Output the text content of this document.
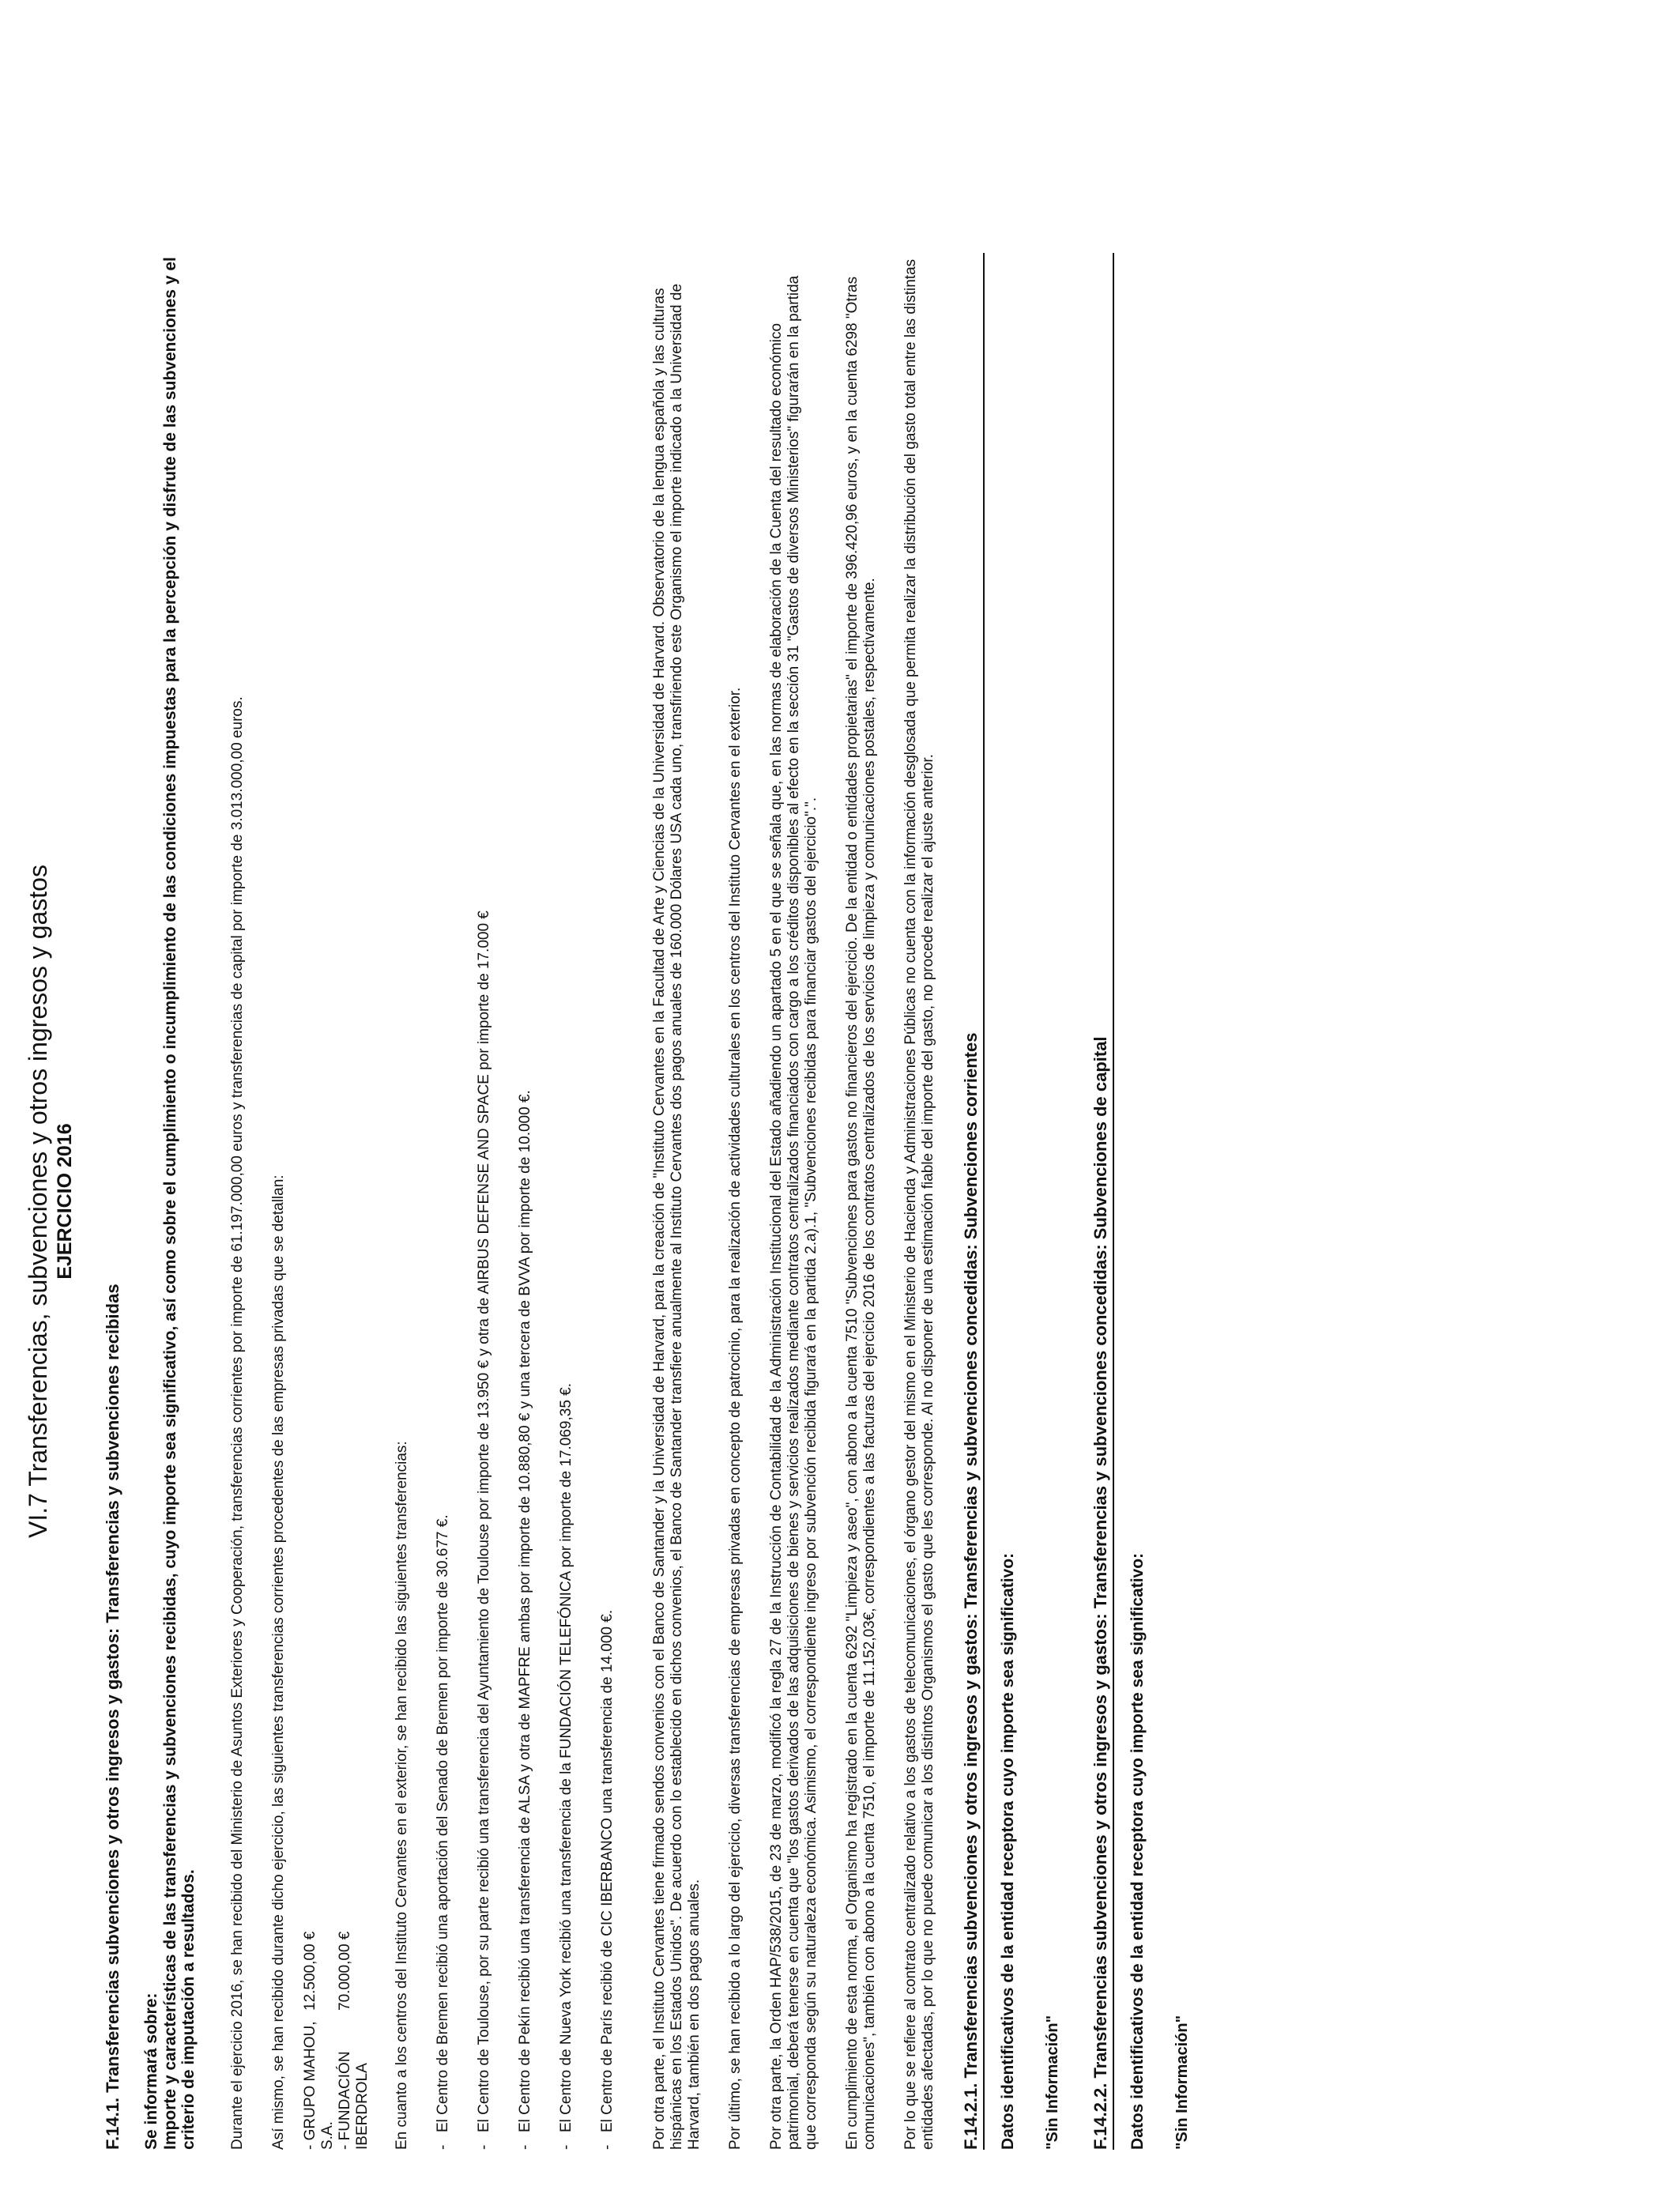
VI.7 Transferencias, subvenciones y otros ingresos y gastos EJERCICIO 2016
F.14.1. Transferencias subvenciones y otros ingresos y gastos: Transferencias y subvenciones recibidas Se informará sobre: Importe y características de las transferencias y subvenciones recibidas, cuyo importe sea significativo, así como sobre el cumplimiento o incumplimiento de las condiciones impuestas para la percepción y disfrute de las subvenciones y el criterio de imputación a resultados. Durante el ejercicio 2016, se han recibido del Ministerio de Asuntos Exteriores y Cooperación, transferencias corrientes por importe de 61.197.000,00 euros y transferencias de capital por importe de 3.013.000,00 euros. Así mismo, se han recibido durante dicho ejercicio, las siguientes transferencias corrientes procedentes de las empresas privadas que se detallan: - GRUPO MAHOU, S.A.
12.500,00 €
- FUNDACIÓN IBERDROLA
70.000,00 €	En cuanto a los centros del Instituto Cervantes en el exterior, se han recibido las siguientes transferencias: - El Centro de Bremen recibió una aportación del Senado de Bremen por importe de 30.677 €. - El Centro de Toulouse, por su parte recibió una transferencia del Ayuntamiento de Toulouse por importe de 13.950 € y otra de AIRBUS DEFENSE AND SPACE por importe de 17.000 € - El Centro de Pekín recibió una transferencia de ALSA y otra de MAPFRE ambas por importe de 10.880,80 € y una tercera de BVVA por importe de 10.000 €. - El Centro de Nueva York recibió una transferencia de la FUNDACIÓN TELEFÓNICA por importe de 17.069,35 €. - El Centro de París recibió de CIC IBERBANCO una transferencia de 14.000 €. Por otra parte, el Instituto Cervantes tiene firmado sendos convenios con el Banco de Santander y la Universidad de Harvard, para la creación de "Instituto Cervantes en la Facultad de Arte y Ciencias de la Universidad de Harvard. Observatorio de la lengua española y las culturas hispánicas en los Estados Unidos". De acuerdo con lo establecido en dichos convenios, el Banco de Santander transfiere anualmente al Instituto Cervantes dos pagos anuales de 160.000 Dólares USA cada uno, transfiriendo este Organismo el importe indicado a la Universidad de Harvard, también en dos pagos anuales. Por último, se han recibido a lo largo del ejercicio, diversas transferencias de empresas privadas en concepto de patrocinio, para la realización de actividades culturales en los centros del Instituto Cervantes en el exterior. Por otra parte, la Orden HAP/538/2015, de 23 de marzo, modificó la regla 27 de la Instrucción de Contabilidad de la Administración Institucional del Estado añadiendo un apartado 5 en el que se señala que, en las normas de elaboración de la Cuenta del resultado económico patrimonial, deberá tenerse en cuenta que "los gastos derivados de las adquisiciones de bienes y servicios realizados mediante contratos centralizados financiados con cargo a los créditos disponibles al efecto en la sección 31 "Gastos de diversos Ministerios" figurarán en la partida que corresponda según su naturaleza económica. Asimismo, el correspondiente ingreso por subvención recibida figurará en la partida 2.a).1, "Subvenciones recibidas para financiar gastos del ejercicio".". En cumplimiento de esta norma, el Organismo ha registrado en la cuenta 6292 "Limpieza y aseo", con abono a la cuenta 7510 "Subvenciones para gastos no financieros del ejercicio. De la entidad o entidades propietarias" el importe de 396.420,96 euros, y en la cuenta 6298 "Otras comunicaciones", también con abono a la cuenta 7510, el importe de 11.152,03€, correspondientes a las facturas del ejercicio 2016 de los contratos centralizados de los servicios de limpieza y comunicaciones postales, respectivamente. Por lo que se refiere al contrato centralizado relativo a los gastos de telecomunicaciones, el órgano gestor del mismo en el Ministerio de Hacienda y Administraciones Públicas no cuenta con la información desglosada que permita realizar la distribución del gasto total entre las distintas entidades afectadas, por lo que no puede comunicar a los distintos Organismos el gasto que les corresponde. Al no disponer de una estimación fiable del importe del gasto, no procede realizar el ajuste anterior. F.14.2.1. Transferencias subvenciones y otros ingresos y gastos: Transferencias y subvenciones concedidas: Subvenciones corrientes Datos identificativos de la entidad receptora cuyo importe sea significativo: "Sin Información" F.14.2.2. Transferencias subvenciones y otros ingresos y gastos: Transferencias y subvenciones concedidas: Subvenciones de capital Datos identificativos de la entidad receptora cuyo importe sea significativo: "Sin Información"
